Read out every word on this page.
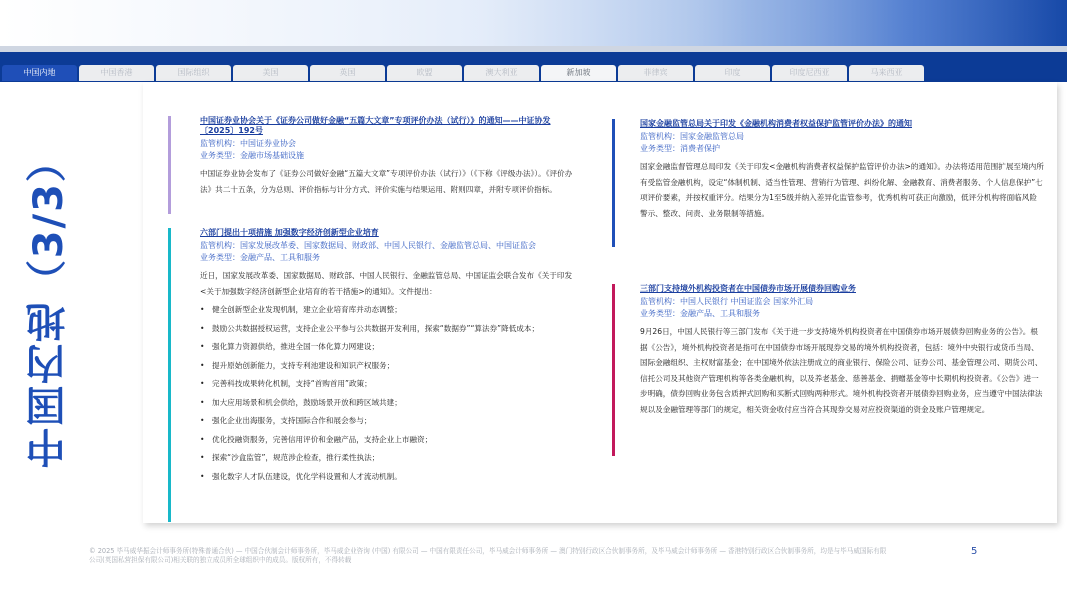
中国内地	中国香港	国际组织	美国	英国	欧盟	澳大利亚	新加坡	菲律宾	印度	印度尼西亚	马来西亚
中国内地（3/3）
中国证券业协会关于《证券公司做好金融“五篇大文章”专项评价办法（试行）》的通知——中证协发〔2025〕192号
监管机构：中国证券业协会
业务类型：金融市场基础设施
中国证券业协会发布了《证券公司做好金融“五篇大文章”专项评价办法（试行）》（《下称《评级办法》）。《评价办法》共二十五条，分为总则、评价指标与计分方式、评价实施与结果运用、附则四章，并附专项评价指标。
六部门提出十项措施 加强数字经济创新型企业培育
监管机构：国家发展改革委、国家数据局、财政部、中国人民银行、金融监管总局、中国证监会
业务类型：金融产品、工具和服务
近日，国家发展改革委、国家数据局、财政部、中国人民银行、金融监管总局、中国证监会联合发布《关于印发<关于加强数字经济创新型企业培育的若干措施>的通知》。文件提出：
• 健全创新型企业发现机制，建立企业培育库并动态调整；
• 鼓励公共数据授权运营，支持企业公平参与公共数据开发利用，探索“数据券”“算法券”降低成本；
• 强化算力资源供给，推进全国一体化算力网建设；
• 提升原始创新能力，支持专利池建设和知识产权服务；
• 完善科技成果转化机制，支持“首购首用”政策；
• 加大应用场景和机会供给，鼓励场景开放和跨区域共建；
• 强化企业出海服务，支持国际合作和展会参与；
• 优化投融资服务，完善信用评价和金融产品，支持企业上市融资；
• 探索“沙盒监管”，规范涉企检查，推行柔性执法；
• 强化数字人才队伍建设，优化学科设置和人才流动机制。
国家金融监管总局关于印发《金融机构消费者权益保护监管评价办法》的通知
监管机构：国家金融监管总局
业务类型：消费者保护
国家金融监督管理总局印发《关于印发<金融机构消费者权益保护监管评价办法>的通知》。办法将适用范围扩展至境内所有受监管金融机构，设定“体制机制、适当性管理、营销行为管理、纠纷化解、金融教育、消费者服务、个人信息保护”七项评价要素，并按权重评分。结果分为1至5级并纳入差异化监管参考，优秀机构可获正向激励，低评分机构将面临风险警示、整改、问责、业务限制等措施。
三部门支持境外机构投资者在中国债券市场开展债券回购业务
监管机构：中国人民银行 中国证监会 国家外汇局
业务类型：金融产品、工具和服务
9月26日，中国人民银行等三部门发布《关于进一步支持境外机构投资者在中国债券市场开展债券回购业务的公告》。根据《公告》，境外机构投资者是指可在中国债券市场开展现券交易的境外机构投资者，包括：境外中央银行或货币当局、国际金融组织、主权财富基金；在中国境外依法注册成立的商业银行、保险公司、证券公司、基金管理公司、期货公司、信托公司及其他资产管理机构等各类金融机构，以及养老基金、慈善基金、捐赠基金等中长期机构投资者。《公告》进一步明确，债券回购业务包含质押式回购和买断式回购两种形式。境外机构投资者开展债券回购业务，应当遵守中国法律法规以及金融管理等部门的规定，相关资金收付应当符合其现券交易对应投资渠道的资金及账户管理规定。
© 2025 毕马威华振会计师事务所(特殊普通合伙) — 中国合伙制会计师事务所，毕马威企业咨询 (中国) 有限公司 — 中国有限责任公司，毕马威会计师事务所 — 澳门特别行政区合伙制事务所，及毕马威会计师事务所 — 香港特别行政区合伙制事务所，均是与毕马威国际有限公司(英国私营担保有限公司)相关联的独立成员所全球组织中的成员。版权所有，不得转载
5
